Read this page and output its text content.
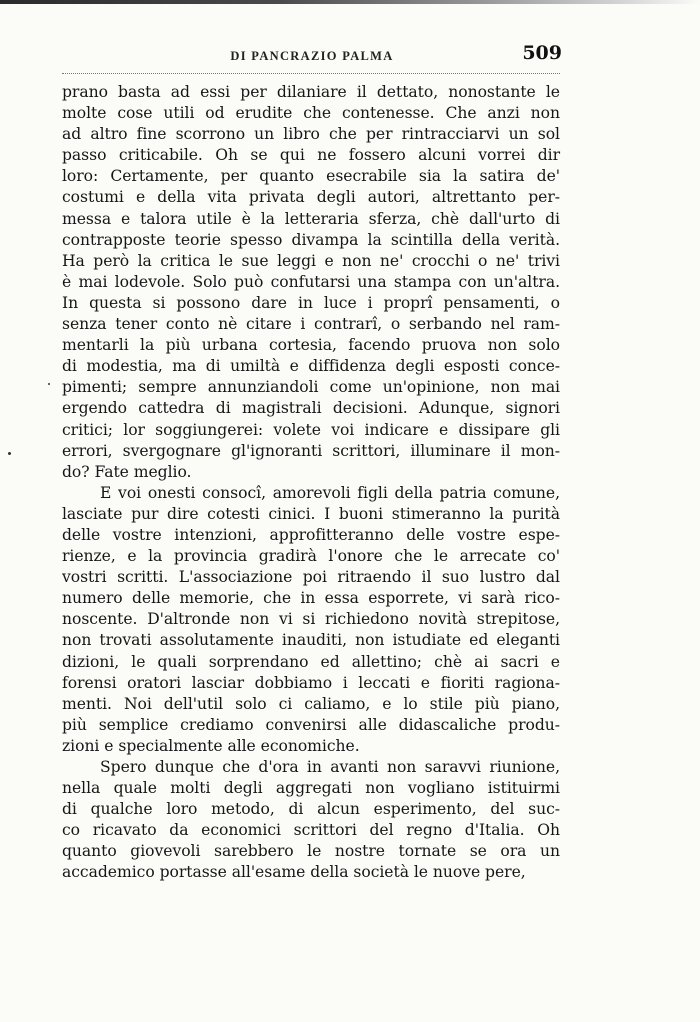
DI PANCRAZIO PALMA	509
prano basta ad essi per dilaniare il dettato, nonostante le
molte cose utili od erudite che contenesse. Che anzi non
ad altro fine scorrono un libro che per rintracciarvi un sol
passo criticabile. Oh se qui ne fossero alcuni vorrei dir
loro: Certamente, per quanto esecrabile sia la satira de'
costumi e della vita privata degli autori, altrettanto per-
messa e talora utile è la letteraria sferza, chè dall'urto di
contrapposte teorie spesso divampa la scintilla della verità.
Ha però la critica le sue leggi e non ne' crocchi o ne' trivi
è mai lodevole. Solo può confutarsi una stampa con un'altra.
In questa si possono dare in luce i proprî pensamenti, o
senza tener conto nè citare i contrarî, o serbando nel ram-
mentarli la più urbana cortesia, facendo pruova non solo
di modestia, ma di umiltà e diffidenza degli esposti conce-
pimenti; sempre annunziandoli come un'opinione, non mai
ergendo cattedra di magistrali decisioni. Adunque, signori
critici; lor soggiungerei: volete voi indicare e dissipare gli
errori, svergognare gl'ignoranti scrittori, illuminare il mon-
do? Fate meglio.
E voi onesti consocî, amorevoli figli della patria comune,
lasciate pur dire cotesti cinici. I buoni stimeranno la purità
delle vostre intenzioni, approfitteranno delle vostre espe-
rienze, e la provincia gradirà l'onore che le arrecate co'
vostri scritti. L'associazione poi ritraendo il suo lustro dal
numero delle memorie, che in essa esporrete, vi sarà rico-
noscente. D'altronde non vi si richiedono novità strepitose,
non trovati assolutamente inauditi, non istudiate ed eleganti
dizioni, le quali sorprendano ed allettino; chè ai sacri e
forensi oratori lasciar dobbiamo i leccati e fioriti ragiona-
menti. Noi dell'util solo ci caliamo, e lo stile più piano,
più semplice crediamo convenirsi alle didascaliche produ-
zioni e specialmente alle economiche.
Spero dunque che d'ora in avanti non saravvi riunione,
nella quale molti degli aggregati non vogliano istituirmi
di qualche loro metodo, di alcun esperimento, del suc-
co ricavato da economici scrittori del regno d'Italia. Oh
quanto giovevoli sarebbero le nostre tornate se ora un
accademico portasse all'esame della società le nuove pere,
